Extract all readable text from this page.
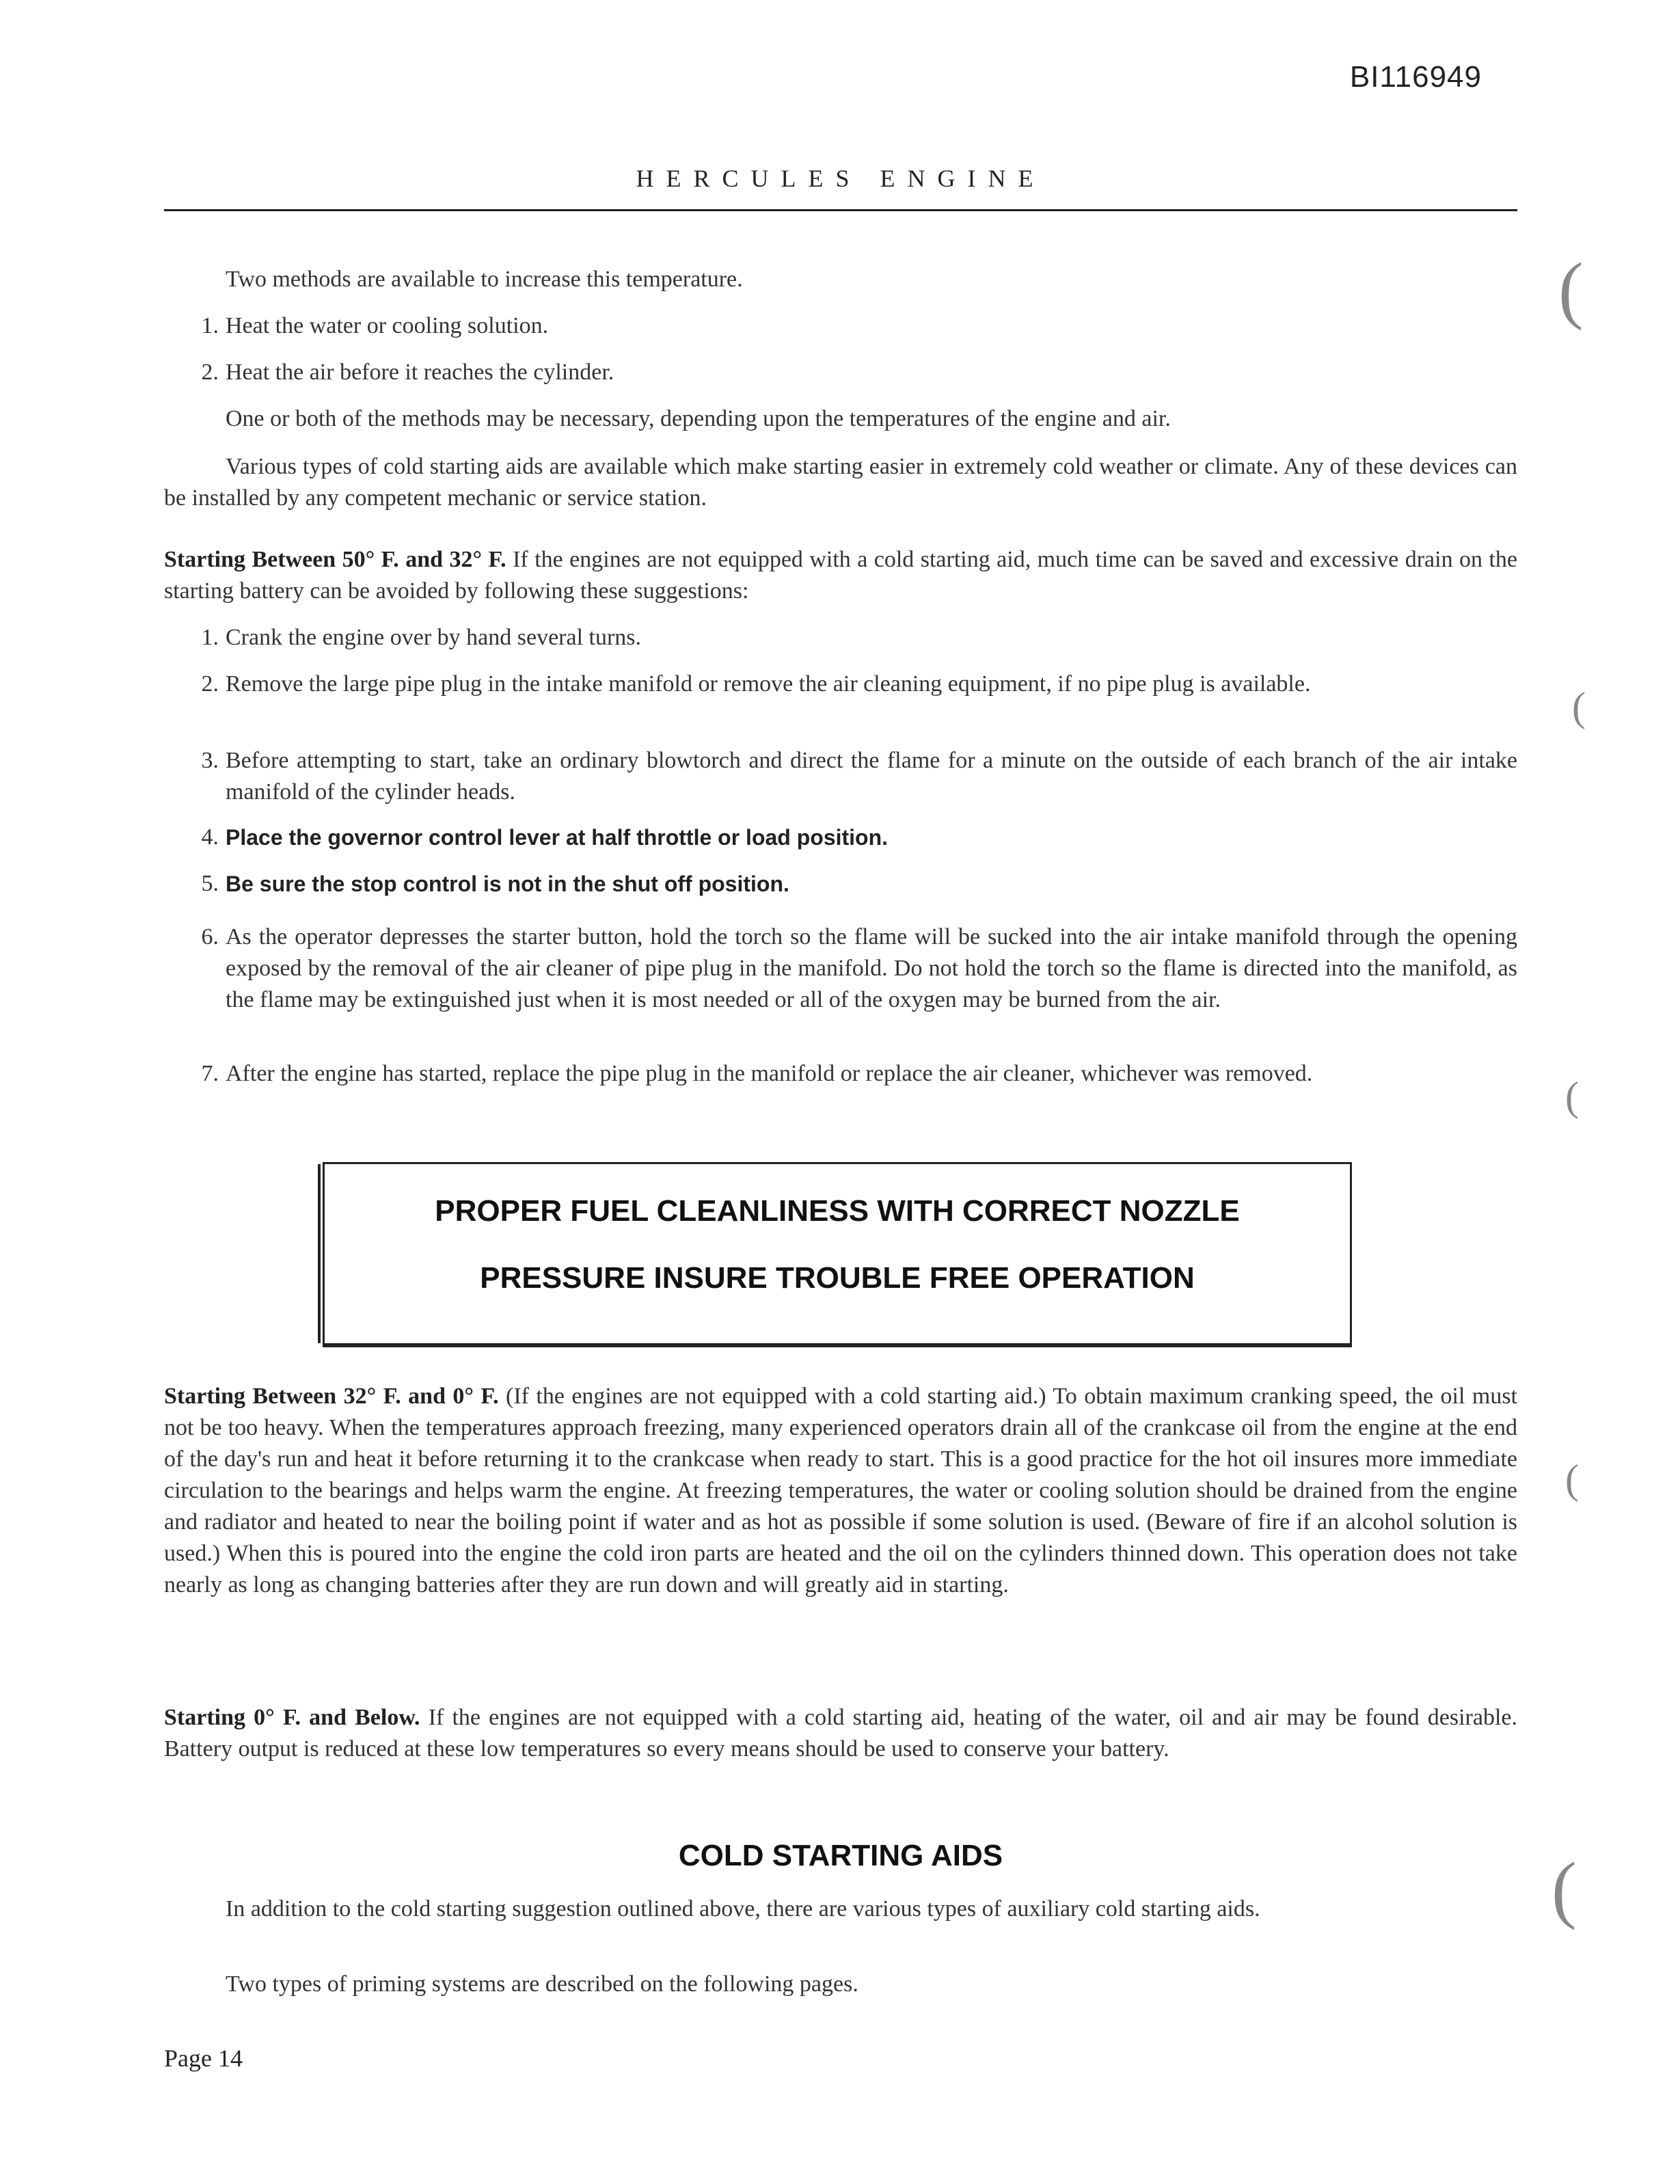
BI116949
HERCULES ENGINE
Two methods are available to increase this temperature.
1. Heat the water or cooling solution.
2. Heat the air before it reaches the cylinder.
One or both of the methods may be necessary, depending upon the temperatures of the engine and air.
Various types of cold starting aids are available which make starting easier in extremely cold weather or climate. Any of these devices can be installed by any competent mechanic or service station.
Starting Between 50° F. and 32° F. If the engines are not equipped with a cold starting aid, much time can be saved and excessive drain on the starting battery can be avoided by following these suggestions:
1. Crank the engine over by hand several turns.
2. Remove the large pipe plug in the intake manifold or remove the air cleaning equipment, if no pipe plug is available.
3. Before attempting to start, take an ordinary blowtorch and direct the flame for a minute on the outside of each branch of the air intake manifold of the cylinder heads.
4. Place the governor control lever at half throttle or load position.
5. Be sure the stop control is not in the shut off position.
6. As the operator depresses the starter button, hold the torch so the flame will be sucked into the air intake manifold through the opening exposed by the removal of the air cleaner of pipe plug in the manifold. Do not hold the torch so the flame is directed into the manifold, as the flame may be extinguished just when it is most needed or all of the oxygen may be burned from the air.
7. After the engine has started, replace the pipe plug in the manifold or replace the air cleaner, whichever was removed.
PROPER FUEL CLEANLINESS WITH CORRECT NOZZLE
PRESSURE INSURE TROUBLE FREE OPERATION
Starting Between 32° F. and 0° F. (If the engines are not equipped with a cold starting aid.) To obtain maximum cranking speed, the oil must not be too heavy. When the temperatures approach freezing, many experienced operators drain all of the crankcase oil from the engine at the end of the day's run and heat it before returning it to the crankcase when ready to start. This is a good practice for the hot oil insures more immediate circulation to the bearings and helps warm the engine. At freezing temperatures, the water or cooling solution should be drained from the engine and radiator and heated to near the boiling point if water and as hot as possible if some solution is used. (Beware of fire if an alcohol solution is used.) When this is poured into the engine the cold iron parts are heated and the oil on the cylinders thinned down. This operation does not take nearly as long as changing batteries after they are run down and will greatly aid in starting.
Starting 0° F. and Below. If the engines are not equipped with a cold starting aid, heating of the water, oil and air may be found desirable. Battery output is reduced at these low temperatures so every means should be used to conserve your battery.
COLD STARTING AIDS
In addition to the cold starting suggestion outlined above, there are various types of auxiliary cold starting aids.
Two types of priming systems are described on the following pages.
Page 14
(
(
(
(
(
